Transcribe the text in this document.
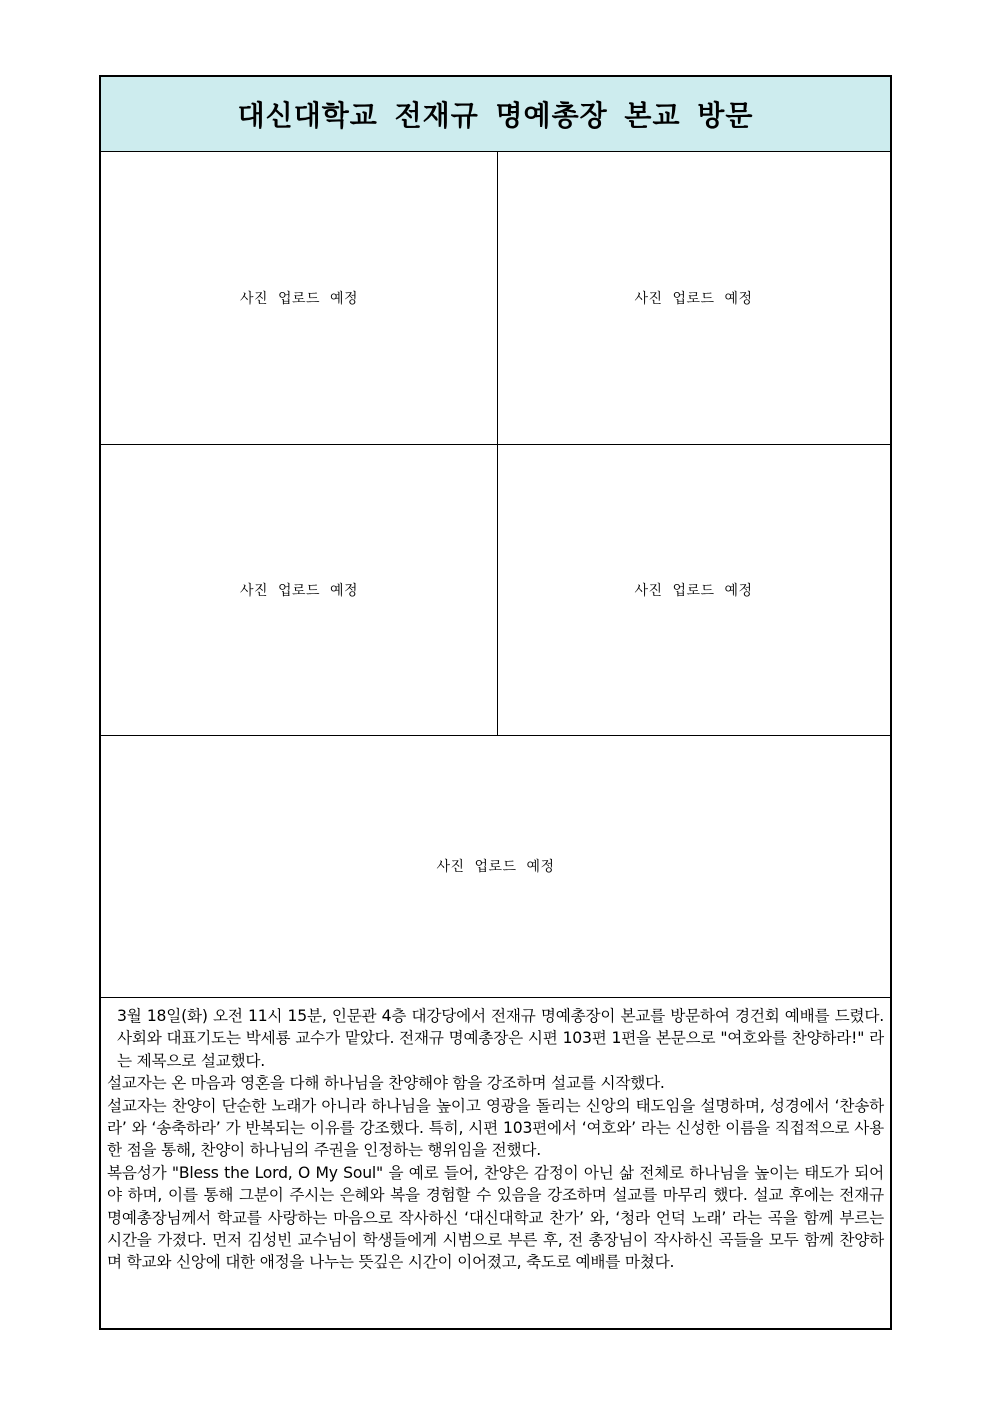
대신대학교 전재규 명예총장 본교 방문
사진 업로드 예정	사진 업로드 예정
사진 업로드 예정	사진 업로드 예정
사진 업로드 예정

3월 18일(화) 오전 11시 15분, 인문관 4층 대강당에서 전재규 명예총장이 본교를 방문하여 경건회 예배를 드렸다. 사회와 대표기도는 박세룡 교수가 맡았다. 전재규 명예총장은 시편 103편 1편을 본문으로 "여호와를 찬양하라!" 라는 제목으로 설교했다.

설교자는 온 마음과 영혼을 다해 하나님을 찬양해야 함을 강조하며 설교를 시작했다.

설교자는 찬양이 단순한 노래가 아니라 하나님을 높이고 영광을 돌리는 신앙의 태도임을 설명하며, 성경에서 ‘찬송하라’ 와 ‘송축하라’ 가 반복되는 이유를 강조했다. 특히, 시편 103편에서 ‘여호와’ 라는 신성한 이름을 직접적으로 사용한 점을 통해, 찬양이 하나님의 주권을 인정하는 행위임을 전했다.

복음성가 "Bless the Lord, O My Soul" 을 예로 들어, 찬양은 감정이 아닌 삶 전체로 하나님을 높이는 태도가 되어야 하며, 이를 통해 그분이 주시는 은혜와 복을 경험할 수 있음을 강조하며 설교를 마무리 했다. 설교 후에는 전재규 명예총장님께서 학교를 사랑하는 마음으로 작사하신 ‘대신대학교 찬가’ 와, ‘청라 언덕 노래’ 라는 곡을 함께 부르는 시간을 가졌다. 먼저 김성빈 교수님이 학생들에게 시범으로 부른 후, 전 총장님이 작사하신 곡들을 모두 함께 찬양하며 학교와 신앙에 대한 애정을 나누는 뜻깊은 시간이 이어졌고, 축도로 예배를 마쳤다.
